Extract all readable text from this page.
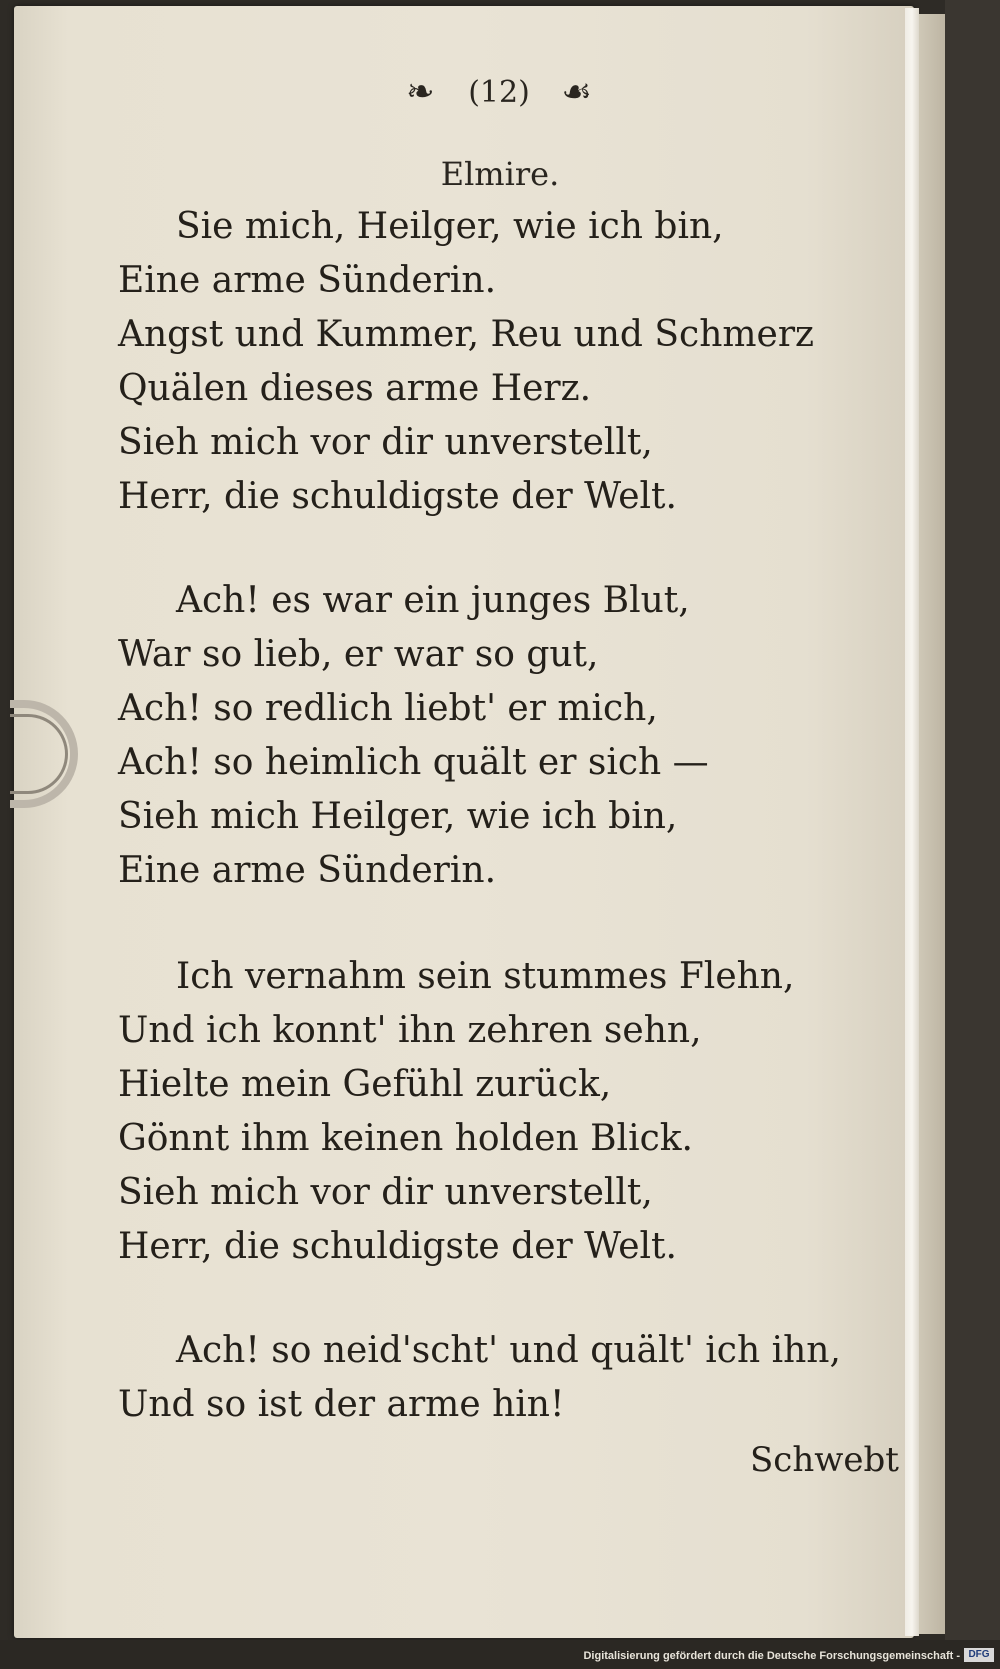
❧ (12) ☙
Elmire.
Sie mich, Heilger, wie ich bin,
Eine arme Sünderin.
Angst und Kummer, Reu und Schmerz
Quälen dieses arme Herz.
Sieh mich vor dir unverstellt,
Herr, die schuldigste der Welt.
Ach! es war ein junges Blut,
War so lieb, er war so gut,
Ach! so redlich liebt' er mich,
Ach! so heimlich quält er sich —
Sieh mich Heilger, wie ich bin,
Eine arme Sünderin.
Ich vernahm sein stummes Flehn,
Und ich konnt' ihn zehren sehn,
Hielte mein Gefühl zurück,
Gönnt ihm keinen holden Blick.
Sieh mich vor dir unverstellt,
Herr, die schuldigste der Welt.
Ach! so neid'scht' und quält' ich ihn,
Und so ist der arme hin!
Schwebt
Digitalisierung gefördert durch die Deutsche Forschungsgemeinschaft - DFG
